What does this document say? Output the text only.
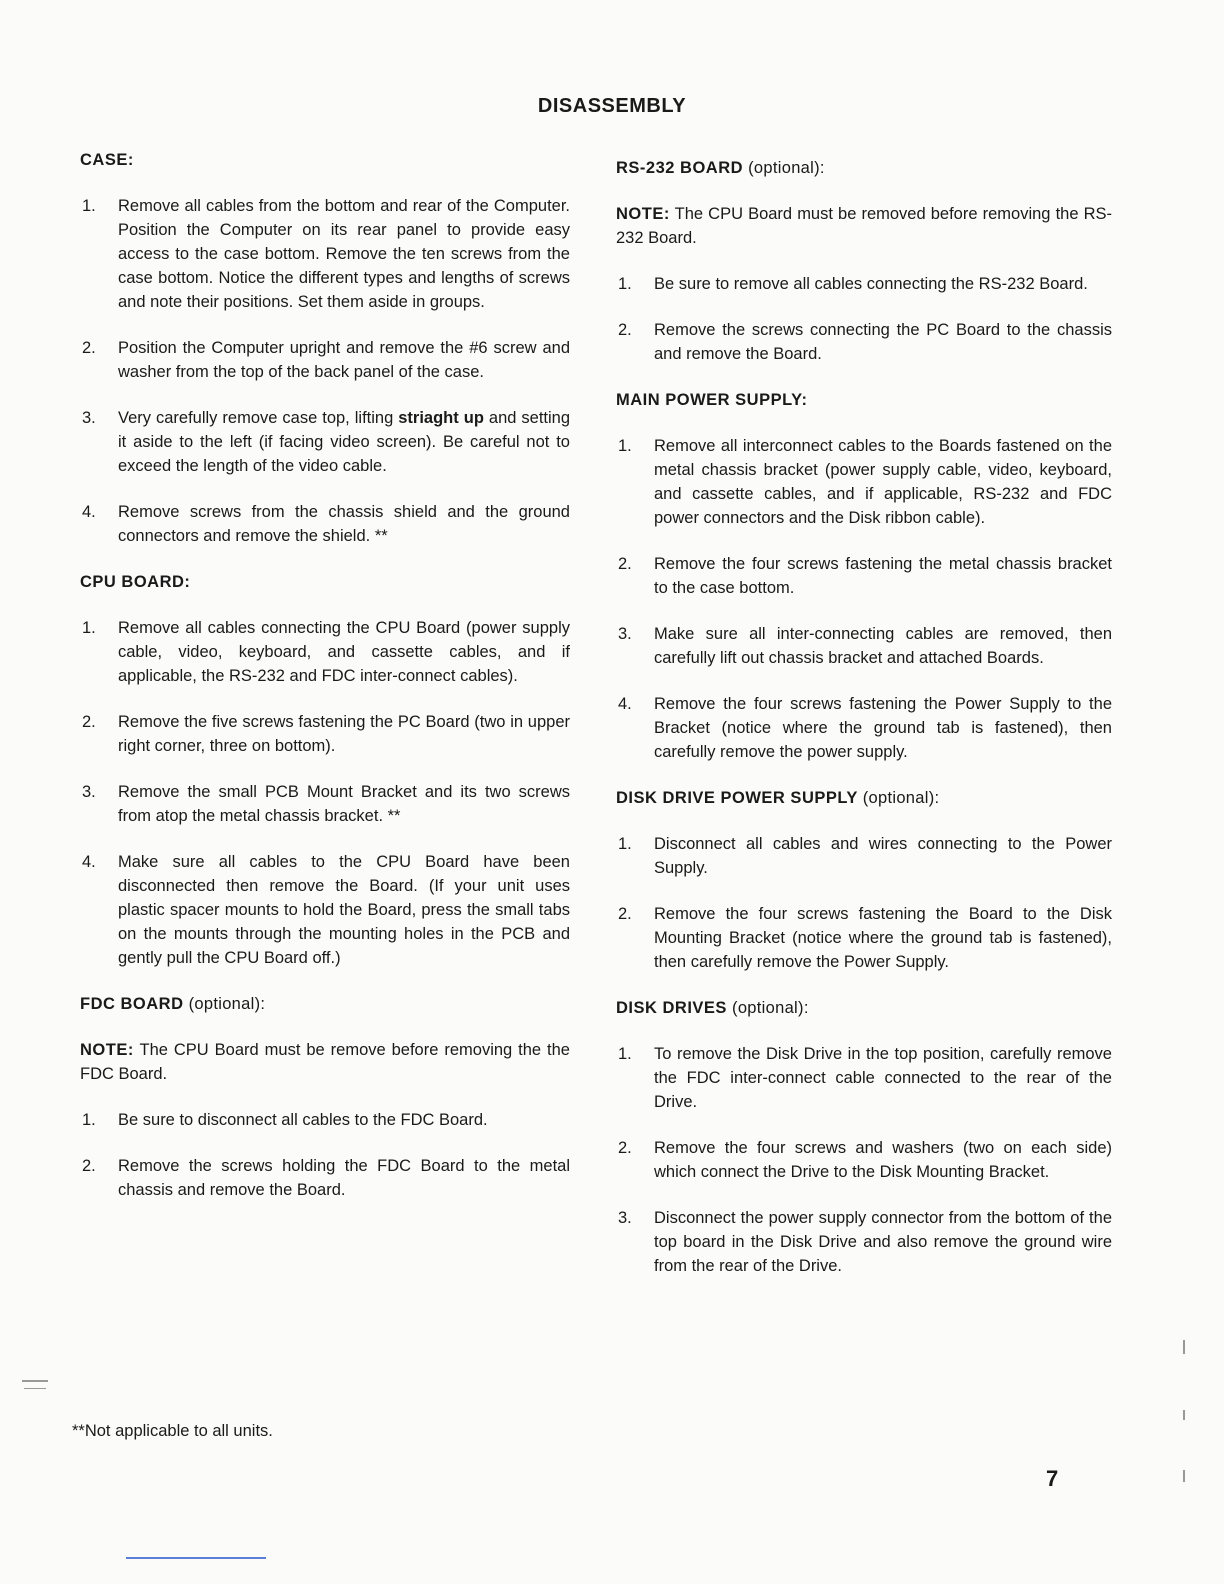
DISASSEMBLY
CASE:
1.	Remove all cables from the bottom and rear of the Computer. Position the Computer on its rear panel to provide easy access to the case bottom. Remove the ten screws from the case bottom. Notice the different types and lengths of screws and note their positions. Set them aside in groups.
2.	Position the Computer upright and remove the #6 screw and washer from the top of the back panel of the case.
3.	Very carefully remove case top, lifting striaght up and setting it aside to the left (if facing video screen). Be careful not to exceed the length of the video cable.
4.	Remove screws from the chassis shield and the ground connectors and remove the shield. **
CPU BOARD:
1.	Remove all cables connecting the CPU Board (power supply cable, video, keyboard, and cassette cables, and if applicable, the RS-232 and FDC inter-connect cables).
2.	Remove the five screws fastening the PC Board (two in upper right corner, three on bottom).
3.	Remove the small PCB Mount Bracket and its two screws from atop the metal chassis bracket. **
4.	Make sure all cables to the CPU Board have been disconnected then remove the Board. (If your unit uses plastic spacer mounts to hold the Board, press the small tabs on the mounts through the mounting holes in the PCB and gently pull the CPU Board off.)
FDC BOARD (optional):
NOTE: The CPU Board must be remove before removing the the FDC Board.
1.	Be sure to disconnect all cables to the FDC Board.
2.	Remove the screws holding the FDC Board to the metal chassis and remove the Board.
RS-232 BOARD (optional):
NOTE: The CPU Board must be removed before removing the RS-232 Board.
1.	Be sure to remove all cables connecting the RS-232 Board.
2.	Remove the screws connecting the PC Board to the chassis and remove the Board.
MAIN POWER SUPPLY:
1.	Remove all interconnect cables to the Boards fastened on the metal chassis bracket (power supply cable, video, keyboard, and cassette cables, and if applicable, RS-232 and FDC power connectors and the Disk ribbon cable).
2.	Remove the four screws fastening the metal chassis bracket to the case bottom.
3.	Make sure all inter-connecting cables are removed, then carefully lift out chassis bracket and attached Boards.
4.	Remove the four screws fastening the Power Supply to the Bracket (notice where the ground tab is fastened), then carefully remove the power supply.
DISK DRIVE POWER SUPPLY (optional):
1.	Disconnect all cables and wires connecting to the Power Supply.
2.	Remove the four screws fastening the Board to the Disk Mounting Bracket (notice where the ground tab is fastened), then carefully remove the Power Supply.
DISK DRIVES (optional):
1.	To remove the Disk Drive in the top position, carefully remove the FDC inter-connect cable connected to the rear of the Drive.
2.	Remove the four screws and washers (two on each side) which connect the Drive to the Disk Mounting Bracket.
3.	Disconnect the power supply connector from the bottom of the top board in the Disk Drive and also remove the ground wire from the rear of the Drive.
**Not applicable to all units.
7
